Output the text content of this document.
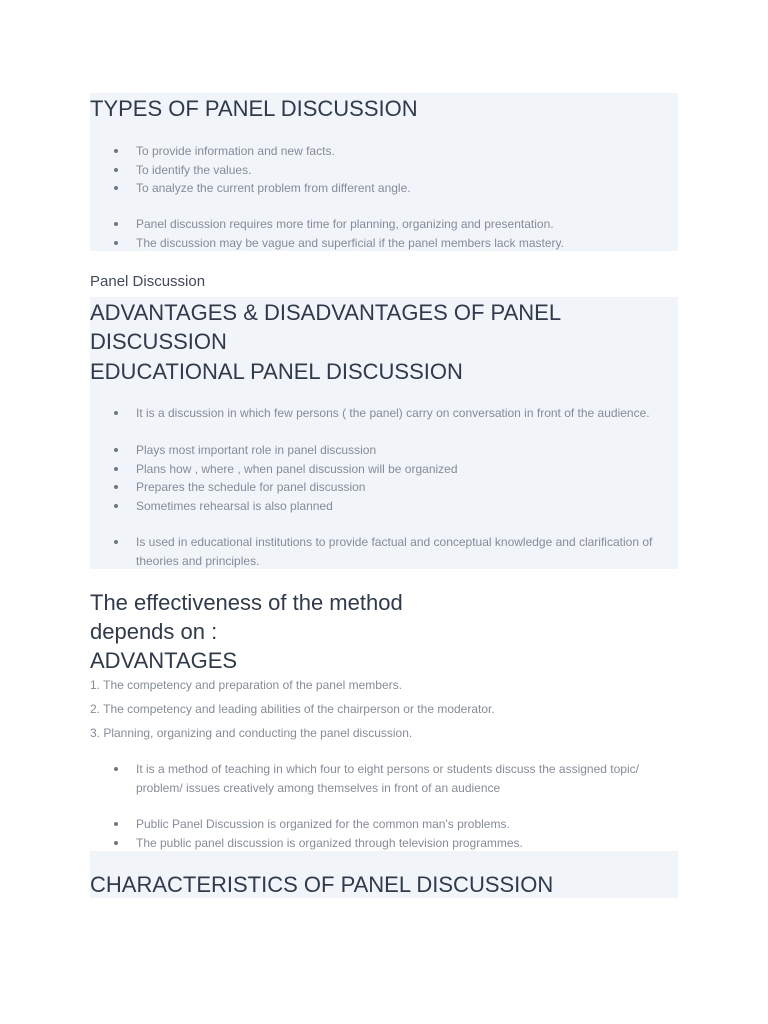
TYPES OF PANEL DISCUSSION
To provide information and new facts.
To identify the values.
To analyze the current problem from different angle.
Panel discussion requires more time for planning, organizing and presentation.
The discussion may be vague and superficial if the panel members lack mastery.
Panel Discussion
ADVANTAGES & DISADVANTAGES OF PANEL
DISCUSSION
EDUCATIONAL PANEL DISCUSSION
It is a discussion in which few persons ( the panel) carry on conversation in front of the audience.
Plays most important role in panel discussion
Plans how , where , when panel discussion will be organized
Prepares the schedule for panel discussion
Sometimes rehearsal is also planned
Is used in educational institutions to provide factual and conceptual knowledge and clarification of theories and principles.
The effectiveness of the method
depends on :
ADVANTAGES
1. The competency and preparation of the panel members.
2. The competency and leading abilities of the chairperson or the moderator.
3. Planning, organizing and conducting the panel discussion.
It is a method of teaching in which four to eight persons or students discuss the assigned topic/ problem/ issues creatively among themselves in front of an audience
Public Panel Discussion is organized for the common man's problems.
The public panel discussion is organized through television programmes.
CHARACTERISTICS OF PANEL DISCUSSION
